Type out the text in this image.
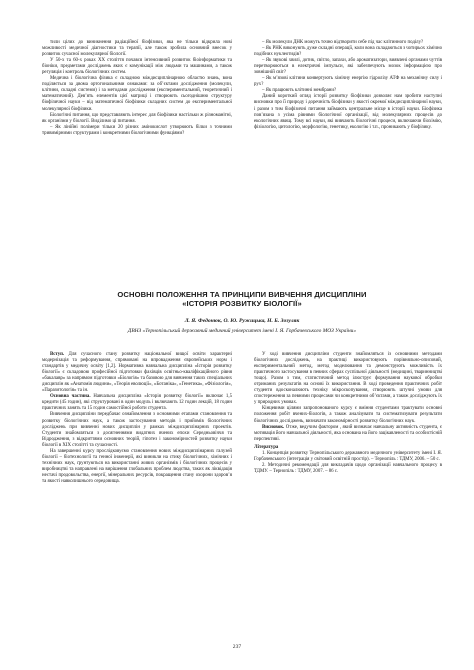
тили цілих до виникнення радіаційної біофізики, яка не тільки відкрила нові можливості медичної діагностики та терапії, але також зробила основний внесок у розвиток сучасної молекулярної біології.

У 50-х та 60-х роках XX століття почався інтенсивний розвиток біоінформатики та біоніки, предметами досліджень яких є комунікації між людьми та машинами, а також регуляція і контроль біологічних систем.

Медична і біологічна фізика є складною міждисциплінарною областю знань, вона поділяється за двома ортогональними ознаками: за об’єктами дослідження (молекули, клітини, складні системи) і за методами дослідження (експериментальний, теоретичний і математичний). Дев’ять елементів цієї матриці і створюють сьогоднішню структуру біофізичної науки – від математичної біофізики складних систем до експериментальної молекулярної біофізики.

Біологічні питання, що представляють інтерес для біофізики настільки ж різноманітні, як організми у біології. Виділимо ці питання.

– Як лінійні полімери тільки 20 різних амінокислот утворюють білки з точними тривимірними структурами і конкретними біологічними функціями?

– Як молекули ДНК можуть точно відтворити себе під час клітинного поділу?

– Як РНК виконують дуже складні операції, коли вона складаються з чотирьох хімічно подібних нуклеотидів?

– Як звукові хвилі, дотик, світло, запахи, або ароматизатори, виявлені органами чуттів перетворюються в електричні імпульси, які забезпечують мозок інформацією про зовнішній світ?

– Як м’язові клітини конвертують хімічну енергію гідролізу АТФ на механічну силу і рух?

– Як працюють клітинні мембрани?

Даний короткий огляд історії розвитку біофізики дозволяє нам зробити наступні висновки про її природу і доречність біофізики у якості окремої міждисциплінарної науки, і разом з тим біофізичні питання займають центральне місце в історії науки. Біофізика пов’язана з усіма рівнями біологічної організації, від молекулярних процесів до екологічних явищ. Тому всі науки, які вивчають біологічні процеси, включаючи біохімію, фізіологію, цитологію, морфологію, генетику, екологію і т.п., проникають у біофізику.

ОСНОВНІ ПОЛОЖЕННЯ ТА ПРИНЦИПИ ВИВЧЕННЯ ДИСЦИПЛІНИ
«ІСТОРІЯ РОЗВИТКУ БІОЛОГІЇ»
Л. Я. Федонюк, О. Ю. Ружицька, Н. Б. Зозуляк
ДВНЗ «Тернопільський державний медичний університет імені І. Я. Горбачевського МОЗ України»

Вступ. Для сучасного стану розвитку національної вищої освіти характерні модернізація та реформування, спрямовані на впровадження європейських норм і стандартів у медичну освіту [1,2]. Нормативна навчальна дисципліна «Історія розвитку біології» є складовою професійної підготовки фахівців освітньо-кваліфікаційного рівня «бакалавр» за напрямом підготовки «Біологія» та базовою для вивчення таких спеціальних дисциплін як «Анатомія людини», «Теорія еволюції», «Ботаніка», «Генетика», «Фізіологія», «Паразитологія» та ін.

Основна частина. Навчальна дисципліна «Історія розвитку біології» включає 1,5 кредити (45 годин), які структуровані в один модуль і включають 12 годин лекцій, 18 годин практичних занять та 15 годин самостійної роботи студента.

Вивчення дисципліни передбачає ознайомлення з основними етапами становлення та розвитку біологічних наук, а також застосування методів і прийомів біологічних досліджень при вивченні нових дисциплін у рамках міждисциплінарних проектів. Студенти знайомляться з досягненнями видатних вчених епохи Середньовіччя та Відродження, з відкриттями основних теорій, гіпотез і закономірностей розвитку науки біології в XIX столітті та сучасності.

На завершенні курсу прослідковуємо становлення нових міждисциплінарних галузей біології – біотехнології та генної інженерії, які виникли на стику біологічних, хімічних і технічних наук, ґрунтуються на використанні живих організмів і біологічних процесів у виробництві та направлені на вирішення глобальних проблем людства, таких як ліквідація нестачі продовольства, енергії, мінеральних ресурсів, покращення стану охорони здоров’я та якості навколишнього середовища.

У ході вивчення дисципліни студенти знайомляться із основними методами біологічних досліджень, на практиці використовують порівняльно-описовий, експериментальний метод, метод моделювання та демонструють можливість їх практичного застосування в певних сферах суспільної діяльності (медицині, тваринництві тощо). Разом з тим, статистичний метод ілюструє формування наукової обробки отриманих результатів на основі їх використання. В ході проведення практичних робіт студенти вдосконалюють техніку мікроскопування, створюють штучні умови для спостереження за певними процесами чи конкретними об’єктами, а також досліджують їх у природних умовах.

Кінцевими цілями запропонованого курсу є вміння студентами трактувати основні положення робіт вчених-біологів, а також аналізувати та систематизувати результати біологічних досліджень, визначати закономірності розвитку біологічних наук.

Висновок. Отже, ведучим фактором , який визначає навчальну активність студента, є мотивація його навчальної діяльності, яка основана на його зацікавленості та особистісній перспективі.

Література

1. Концепція розвитку Тернопільського державного медичного університету імені І. Я. Горбачевського (інтеграція у світовий освітній простір). – Тернопіль : ТДМУ, 2006. – 50 с.

2. Методичні рекомендації для викладачів щодо організації навчального процесу в ТДМУ. – Тернопіль : ТДМУ, 2007. – 86 с.

237
